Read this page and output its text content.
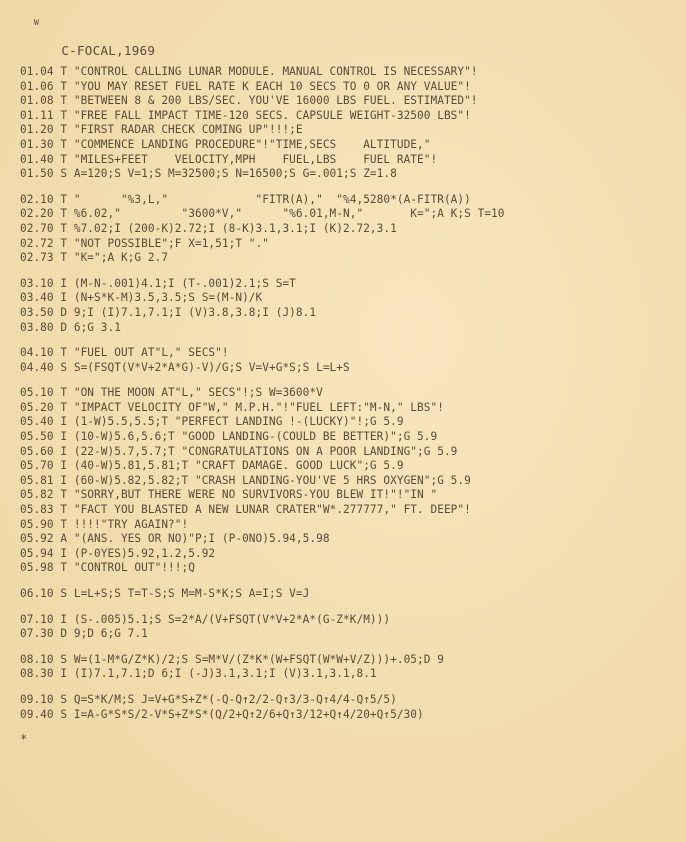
W
C-FOCAL,1969

01.04 T "CONTROL CALLING LUNAR MODULE. MANUAL CONTROL IS NECESSARY"!
01.06 T "YOU MAY RESET FUEL RATE K EACH 10 SECS TO 0 OR ANY VALUE"!
01.08 T "BETWEEN 8 & 200 LBS/SEC. YOU'VE 16000 LBS FUEL. ESTIMATED"!
01.11 T "FREE FALL IMPACT TIME-120 SECS. CAPSULE WEIGHT-32500 LBS"!
01.20 T "FIRST RADAR CHECK COMING UP"!!!;E
01.30 T "COMMENCE LANDING PROCEDURE"!"TIME,SECS    ALTITUDE,"
01.40 T "MILES+FEET    VELOCITY,MPH    FUEL,LBS    FUEL RATE"!
01.50 S A=120;S V=1;S M=32500;S N=16500;S G=.001;S Z=1.8
02.10 T "      "%3,L,"             "FITR(A),"  "%4,5280*(A-FITR(A))
02.20 T %6.02,"         "3600*V,"      "%6.01,M-N,"       K=";A K;S T=10
02.70 T %7.02;I (200-K)2.72;I (8-K)3.1,3.1;I (K)2.72,3.1
02.72 T "NOT POSSIBLE";F X=1,51;T "."
02.73 T "K=";A K;G 2.7
03.10 I (M-N-.001)4.1;I (T-.001)2.1;S S=T
03.40 I (N+S*K-M)3.5,3.5;S S=(M-N)/K
03.50 D 9;I (I)7.1,7.1;I (V)3.8,3.8;I (J)8.1
03.80 D 6;G 3.1
04.10 T "FUEL OUT AT"L," SECS"!
04.40 S S=(FSQT(V*V+2*A*G)-V)/G;S V=V+G*S;S L=L+S
05.10 T "ON THE MOON AT"L," SECS"!;S W=3600*V
05.20 T "IMPACT VELOCITY OF"W," M.P.H."!"FUEL LEFT:"M-N," LBS"!
05.40 I (1-W)5.5,5.5;T "PERFECT LANDING !-(LUCKY)"!;G 5.9
05.50 I (10-W)5.6,5.6;T "GOOD LANDING-(COULD BE BETTER)";G 5.9
05.60 I (22-W)5.7,5.7;T "CONGRATULATIONS ON A POOR LANDING";G 5.9
05.70 I (40-W)5.81,5.81;T "CRAFT DAMAGE. GOOD LUCK";G 5.9
05.81 I (60-W)5.82,5.82;T "CRASH LANDING-YOU'VE 5 HRS OXYGEN";G 5.9
05.82 T "SORRY,BUT THERE WERE NO SURVIVORS-YOU BLEW IT!"!"IN "
05.83 T "FACT YOU BLASTED A NEW LUNAR CRATER"W*.277777," FT. DEEP"!
05.90 T !!!!"TRY AGAIN?"!
05.92 A "(ANS. YES OR NO)"P;I (P-0NO)5.94,5.98
05.94 I (P-0YES)5.92,1.2,5.92
05.98 T "CONTROL OUT"!!!;Q
06.10 S L=L+S;S T=T-S;S M=M-S*K;S A=I;S V=J
07.10 I (S-.005)5.1;S S=2*A/(V+FSQT(V*V+2*A*(G-Z*K/M)))
07.30 D 9;D 6;G 7.1
08.10 S W=(1-M*G/Z*K)/2;S S=M*V/(Z*K*(W+FSQT(W*W+V/Z)))+.05;D 9
08.30 I (I)7.1,7.1;D 6;I (-J)3.1,3.1;I (V)3.1,3.1,8.1
09.10 S Q=S*K/M;S J=V+G*S+Z*(-Q-Q↑2/2-Q↑3/3-Q↑4/4-Q↑5/5)
09.40 S I=A-G*S*S/2-V*S+Z*S*(Q/2+Q↑2/6+Q↑3/12+Q↑4/20+Q↑5/30)
*
